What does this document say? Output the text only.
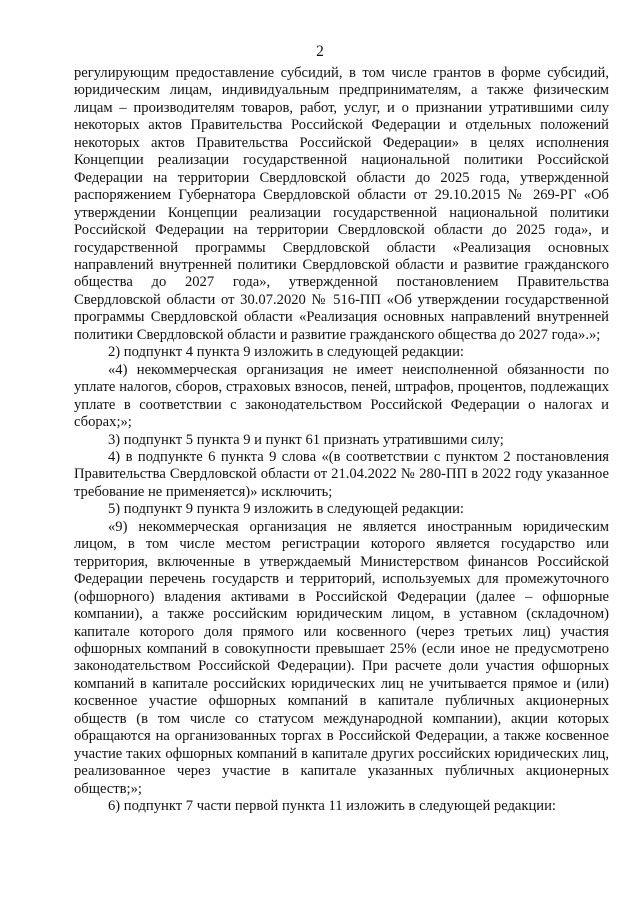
2

регулирующим предоставление субсидий, в том числе грантов в форме субсидий, юридическим лицам, индивидуальным предпринимателям, а также физическим лицам – производителям товаров, работ, услуг, и о признании утратившими силу некоторых актов Правительства Российской Федерации и отдельных положений некоторых актов Правительства Российской Федерации» в целях исполнения Концепции реализации государственной национальной политики Российской Федерации на территории Свердловской области до 2025 года, утвержденной распоряжением Губернатора Свердловской области от 29.10.2015 № 269-РГ «Об утверждении Концепции реализации государственной национальной политики Российской Федерации на территории Свердловской области до 2025 года», и государственной программы Свердловской области «Реализация основных направлений внутренней политики Свердловской области и развитие гражданского общества до 2027 года», утвержденной постановлением Правительства Свердловской области от 30.07.2020 № 516-ПП «Об утверждении государственной программы Свердловской области «Реализация основных направлений внутренней политики Свердловской области и развитие гражданского общества до 2027 года».»;

2) подпункт 4 пункта 9 изложить в следующей редакции:

«4) некоммерческая организация не имеет неисполненной обязанности по уплате налогов, сборов, страховых взносов, пеней, штрафов, процентов, подлежащих уплате в соответствии с законодательством Российской Федерации о налогах и сборах;»;

3) подпункт 5 пункта 9 и пункт 61 признать утратившими силу;

4) в подпункте 6 пункта 9 слова «(в соответствии с пунктом 2 постановления Правительства Свердловской области от 21.04.2022 № 280-ПП в 2022 году указанное требование не применяется)» исключить;

5) подпункт 9 пункта 9 изложить в следующей редакции:

«9) некоммерческая организация не является иностранным юридическим лицом, в том числе местом регистрации которого является государство или территория, включенные в утверждаемый Министерством финансов Российской Федерации перечень государств и территорий, используемых для промежуточного (офшорного) владения активами в Российской Федерации (далее – офшорные компании), а также российским юридическим лицом, в уставном (складочном) капитале которого доля прямого или косвенного (через третьих лиц) участия офшорных компаний в совокупности превышает 25% (если иное не предусмотрено законодательством Российской Федерации). При расчете доли участия офшорных компаний в капитале российских юридических лиц не учитывается прямое и (или) косвенное участие офшорных компаний в капитале публичных акционерных обществ (в том числе со статусом международной компании), акции которых обращаются на организованных торгах в Российской Федерации, а также косвенное участие таких офшорных компаний в капитале других российских юридических лиц, реализованное через участие в капитале указанных публичных акционерных обществ;»;

6) подпункт 7 части первой пункта 11 изложить в следующей редакции:
